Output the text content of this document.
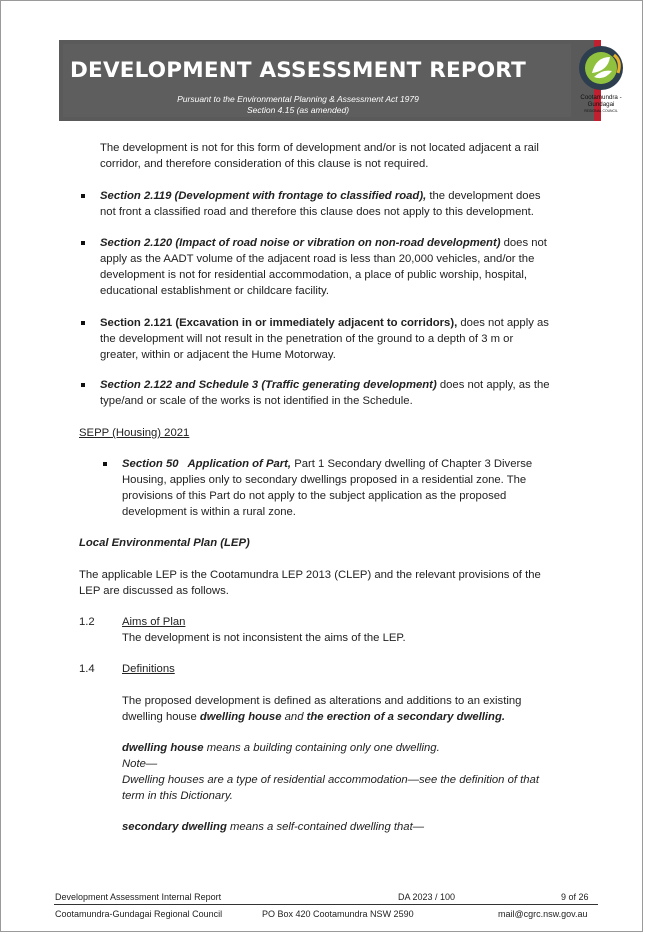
DEVELOPMENT ASSESSMENT REPORT
Pursuant to the Environmental Planning & Assessment Act 1979
Section 4.15 (as amended)
Cootamundra -
Gundagai
REGIONAL COUNCIL
The development is not for this form of development and/or is not located adjacent a rail
corridor, and therefore consideration of this clause is not required.
Section 2.119 (Development with frontage to classified road), the development does
not front a classified road and therefore this clause does not apply to this development.
Section 2.120 (Impact of road noise or vibration on non-road development) does not
apply as the AADT volume of the adjacent road is less than 20,000 vehicles, and/or the
development is not for residential accommodation, a place of public worship, hospital,
educational establishment or childcare facility.
Section 2.121 (Excavation in or immediately adjacent to corridors), does not apply as
the development will not result in the penetration of the ground to a depth of 3 m or
greater, within or adjacent the Hume Motorway.
Section 2.122 and Schedule 3 (Traffic generating development) does not apply, as the
type/and or scale of the works is not identified in the Schedule.
SEPP (Housing) 2021
Section 50   Application of Part, Part 1 Secondary dwelling of Chapter 3 Diverse
Housing, applies only to secondary dwellings proposed in a residential zone. The
provisions of this Part do not apply to the subject application as the proposed
development is within a rural zone.
Local Environmental Plan (LEP)
The applicable LEP is the Cootamundra LEP 2013 (CLEP) and the relevant provisions of the
LEP are discussed as follows.
1.2 Aims of Plan
The development is not inconsistent the aims of the LEP.
1.4 Definitions
The proposed development is defined as alterations and additions to an existing
dwelling house dwelling house and the erection of a secondary dwelling.
dwelling house means a building containing only one dwelling.
Note—
Dwelling houses are a type of residential accommodation—see the definition of that
term in this Dictionary.
secondary dwelling means a self-contained dwelling that—
Development Assessment Internal Report	DA 2023 / 100	9 of 26
Cootamundra-Gundagai Regional Council	PO Box 420 Cootamundra NSW 2590	mail@cgrc.nsw.gov.au
